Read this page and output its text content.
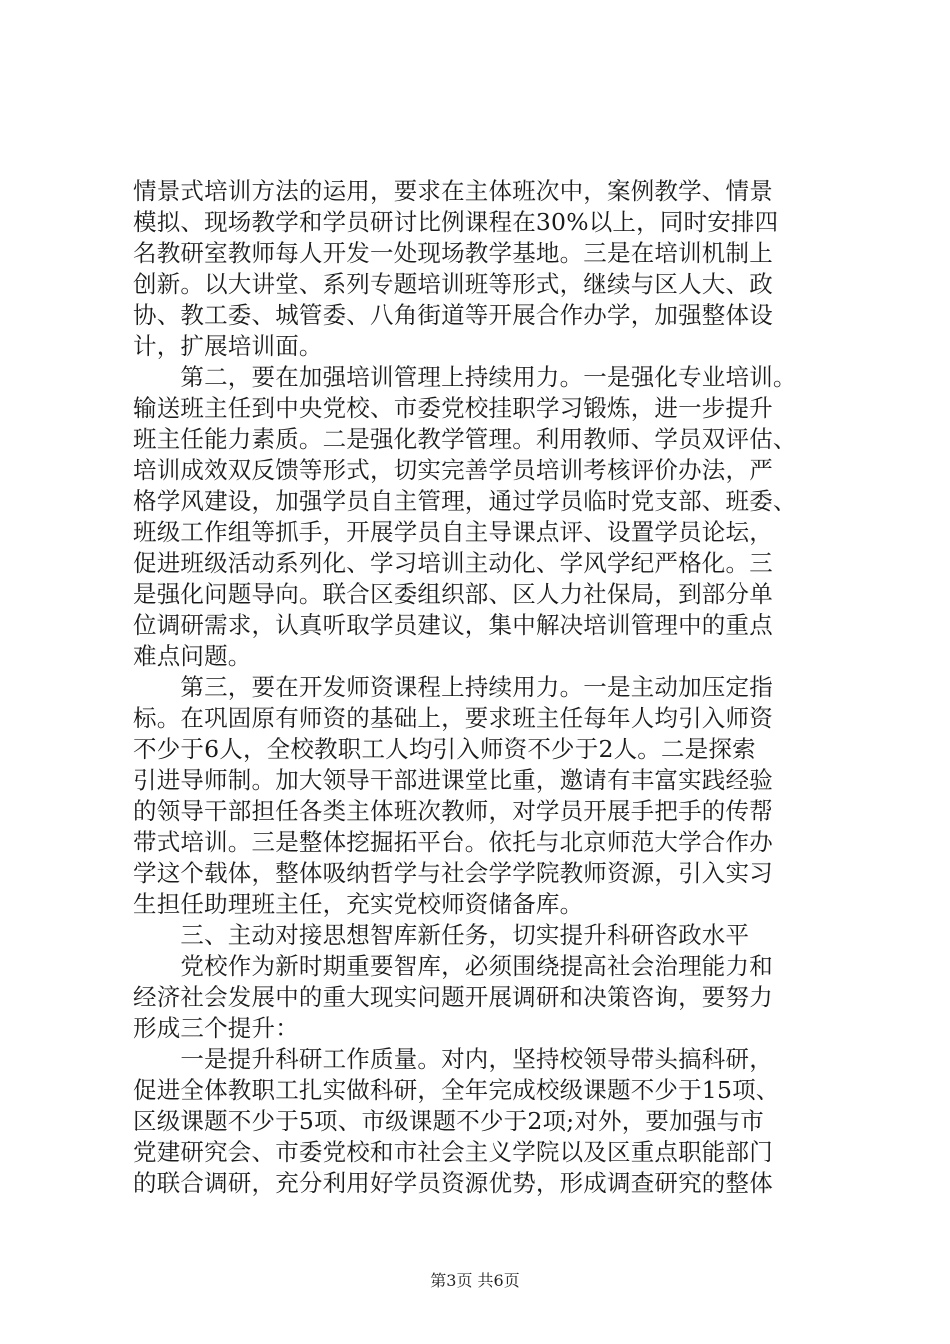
情景式培训方法的运用，要求在主体班次中，案例教学、情景
模拟、现场教学和学员研讨比例课程在30%以上，同时安排四
名教研室教师每人开发一处现场教学基地。三是在培训机制上
创新。以大讲堂、系列专题培训班等形式，继续与区人大、政
协、教工委、城管委、八角街道等开展合作办学，加强整体设
计，扩展培训面。
　　第二，要在加强培训管理上持续用力。一是强化专业培训。
输送班主任到中央党校、市委党校挂职学习锻炼，进一步提升
班主任能力素质。二是强化教学管理。利用教师、学员双评估、
培训成效双反馈等形式，切实完善学员培训考核评价办法，严
格学风建设，加强学员自主管理，通过学员临时党支部、班委、
班级工作组等抓手，开展学员自主导课点评、设置学员论坛，
促进班级活动系列化、学习培训主动化、学风学纪严格化。三
是强化问题导向。联合区委组织部、区人力社保局，到部分单
位调研需求，认真听取学员建议，集中解决培训管理中的重点
难点问题。
　　第三，要在开发师资课程上持续用力。一是主动加压定指
标。在巩固原有师资的基础上，要求班主任每年人均引入师资
不少于6人，全校教职工人均引入师资不少于2人。二是探索
引进导师制。加大领导干部进课堂比重，邀请有丰富实践经验
的领导干部担任各类主体班次教师，对学员开展手把手的传帮
带式培训。三是整体挖掘拓平台。依托与北京师范大学合作办
学这个载体，整体吸纳哲学与社会学学院教师资源，引入实习
生担任助理班主任，充实党校师资储备库。
　　三、主动对接思想智库新任务，切实提升科研咨政水平
　　党校作为新时期重要智库，必须围绕提高社会治理能力和
经济社会发展中的重大现实问题开展调研和决策咨询，要努力
形成三个提升：
　　一是提升科研工作质量。对内，坚持校领导带头搞科研，
促进全体教职工扎实做科研，全年完成校级课题不少于15项、
区级课题不少于5项、市级课题不少于2项;对外，要加强与市
党建研究会、市委党校和市社会主义学院以及区重点职能部门
的联合调研，充分利用好学员资源优势，形成调查研究的整体
第3页 共6页
